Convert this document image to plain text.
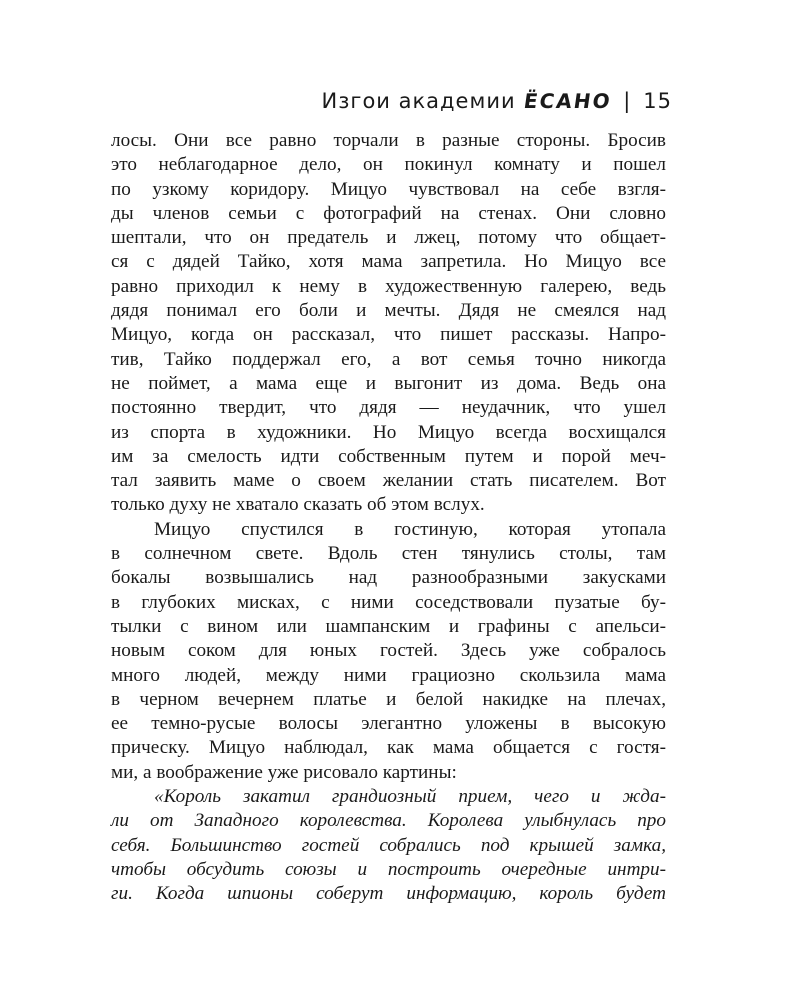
Изгои академии ЁСАНО | 15
лосы. Они все равно торчали в разные стороны. Бросив
это неблагодарное дело, он покинул комнату и пошел
по узкому коридору. Мицуо чувствовал на себе взгля-
ды членов семьи с фотографий на стенах. Они словно
шептали, что он предатель и лжец, потому что общает-
ся с дядей Тайко, хотя мама запретила. Но Мицуо все
равно приходил к нему в художественную галерею, ведь
дядя понимал его боли и мечты. Дядя не смеялся над
Мицуо, когда он рассказал, что пишет рассказы. Напро-
тив, Тайко поддержал его, а вот семья точно никогда
не поймет, а мама еще и выгонит из дома. Ведь она
постоянно твердит, что дядя — неудачник, что ушел
из спорта в художники. Но Мицуо всегда восхищался
им за смелость идти собственным путем и порой меч-
тал заявить маме о своем желании стать писателем. Вот
только духу не хватало сказать об этом вслух.
Мицуо спустился в гостиную, которая утопала
в солнечном свете. Вдоль стен тянулись столы, там
бокалы возвышались над разнообразными закусками
в глубоких мисках, с ними соседствовали пузатые бу-
тылки с вином или шампанским и графины с апельси-
новым соком для юных гостей. Здесь уже собралось
много людей, между ними грациозно скользила мама
в черном вечернем платье и белой накидке на плечах,
ее темно-русые волосы элегантно уложены в высокую
прическу. Мицуо наблюдал, как мама общается с гостя-
ми, а воображение уже рисовало картины:
«Король закатил грандиозный прием, чего и жда-
ли от Западного королевства. Королева улыбнулась про
себя. Большинство гостей собрались под крышей замка,
чтобы обсудить союзы и построить очередные интри-
ги. Когда шпионы соберут информацию, король будет
